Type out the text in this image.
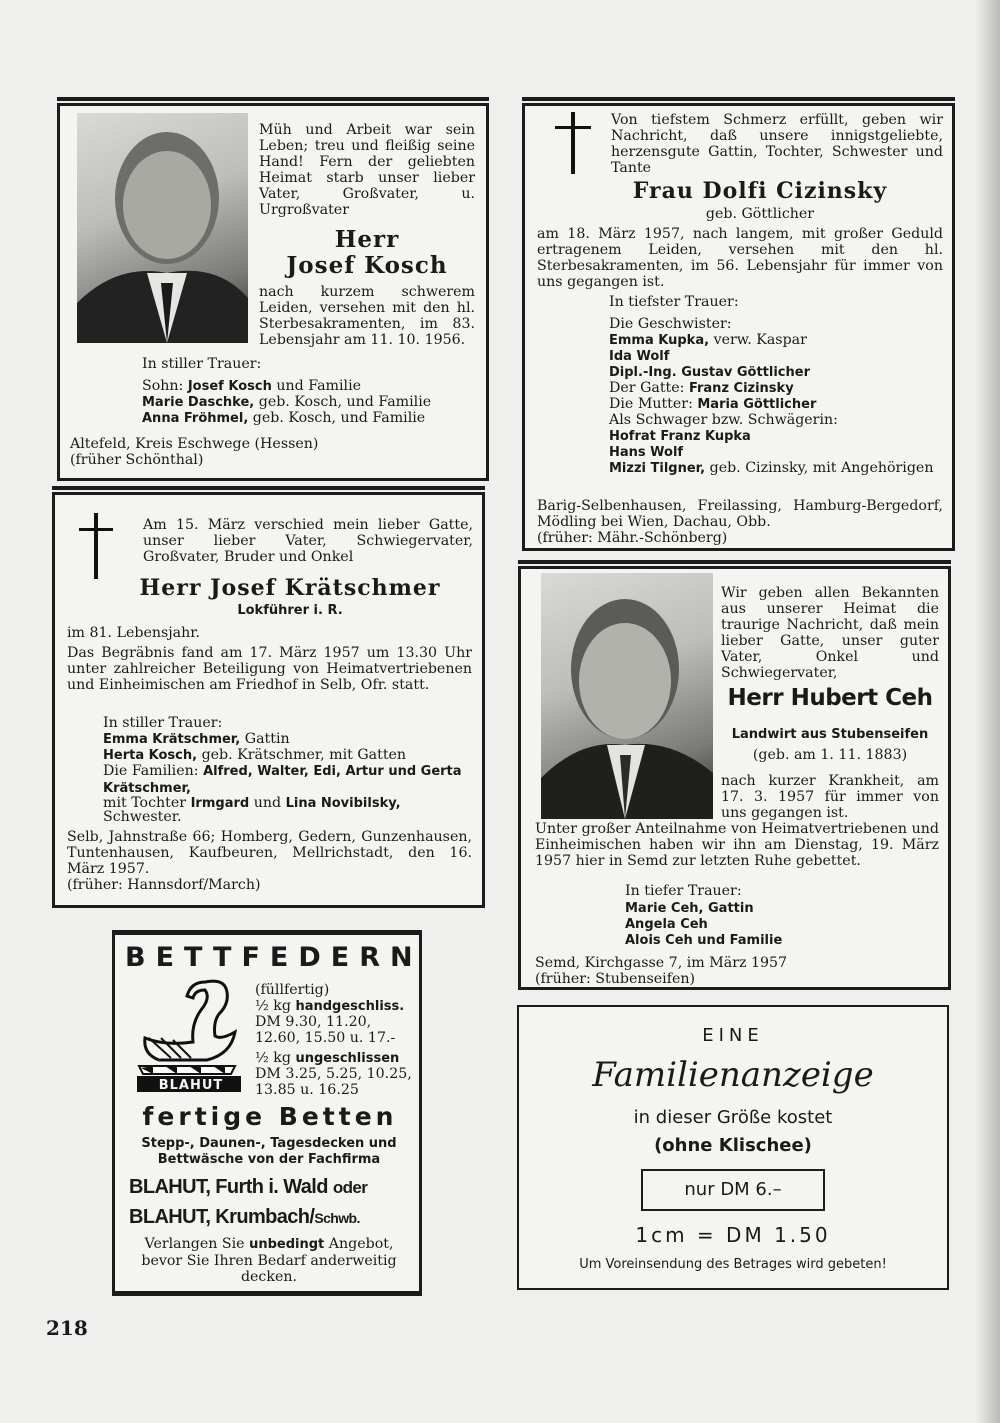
Müh und Arbeit war sein Leben; treu und fleißig seine Hand! Fern der geliebten Heimat starb unser lieber Vater, Großvater, u. Urgroßvater
Herr
Josef Kosch
nach kurzem schwerem Leiden, versehen mit den hl. Sterbesakramenten, im 83. Lebensjahr am 11. 10. 1956.
In stiller Trauer:
Sohn: Josef Kosch und Familie
Marie Daschke, geb. Kosch, und Familie
Anna Fröhmel, geb. Kosch, und Familie
Altefeld, Kreis Eschwege (Hessen)
(früher Schönthal)
Am 15. März verschied mein lieber Gatte, unser lieber Vater, Schwiegervater, Großvater, Bruder und Onkel
Herr Josef Krätschmer
Lokführer i. R.
im 81. Lebensjahr.
Das Begräbnis fand am 17. März 1957 um 13.30 Uhr unter zahlreicher Beteiligung von Heimatvertriebenen und Einheimischen am Friedhof in Selb, Ofr. statt.
In stiller Trauer:
Emma Krätschmer, Gattin
Herta Kosch, geb. Krätschmer, mit Gatten
Die Familien: Alfred, Walter, Edi, Artur und Gerta Krätschmer,
mit Tochter Irmgard und Lina Novibilsky,
Schwester.
Selb, Jahnstraße 66; Homberg, Gedern, Gunzenhausen, Tuntenhausen, Kaufbeuren, Mellrichstadt, den 16. März 1957.
(früher: Hannsdorf/March)
Von tiefstem Schmerz erfüllt, geben wir Nachricht, daß unsere innigstgeliebte, herzensgute Gattin, Tochter, Schwester und Tante
Frau Dolfi Cizinsky
geb. Göttlicher
am 18. März 1957, nach langem, mit großer Geduld ertragenem Leiden, versehen mit den hl. Sterbesakramenten, im 56. Lebensjahr für immer von uns gegangen ist.
In tiefster Trauer:
Die Geschwister:
Emma Kupka, verw. Kaspar
Ida Wolf
Dipl.-Ing. Gustav Göttlicher
Der Gatte: Franz Cizinsky
Die Mutter: Maria Göttlicher
Als Schwager bzw. Schwägerin:
Hofrat Franz Kupka
Hans Wolf
Mizzi Tilgner, geb. Cizinsky, mit Angehörigen
Barig-Selbenhausen, Freilassing, Hamburg-Bergedorf, Mödling bei Wien, Dachau, Obb.
(früher: Mähr.-Schönberg)
Wir geben allen Bekannten aus unserer Heimat die traurige Nachricht, daß mein lieber Gatte, unser guter Vater, Onkel und Schwiegervater,
Herr Hubert Ceh
Landwirt aus Stubenseifen
(geb. am 1. 11. 1883)
nach kurzer Krankheit, am 17. 3. 1957 für immer von uns gegangen ist.
Unter großer Anteilnahme von Heimatvertriebenen und Einheimischen haben wir ihn am Dienstag, 19. März 1957 hier in Semd zur letzten Ruhe gebettet.
In tiefer Trauer:
Marie Ceh, Gattin
Angela Ceh
Alois Ceh und Familie
Semd, Kirchgasse 7, im März 1957
(früher: Stubenseifen)
BETTFEDERN
BLAHUT
(füllfertig)
½ kg handgeschliss.
DM 9.30, 11.20, 12.60, 15.50 u. 17.-
½ kg ungeschlissen
DM 3.25, 5.25, 10.25, 13.85 u. 16.25
fertige Betten
Stepp-, Daunen-, Tagesdecken und Bettwäsche von der Fachfirma
BLAHUT, Furth i. Wald oder
BLAHUT, Krumbach/Schwb.
Verlangen Sie unbedingt Angebot, bevor Sie Ihren Bedarf anderweitig decken.
EINE
Familienanzeige
in dieser Größe kostet
(ohne Klischee)
nur DM 6.–
1cm = DM 1.50
Um Voreinsendung des Betrages wird gebeten!
218
